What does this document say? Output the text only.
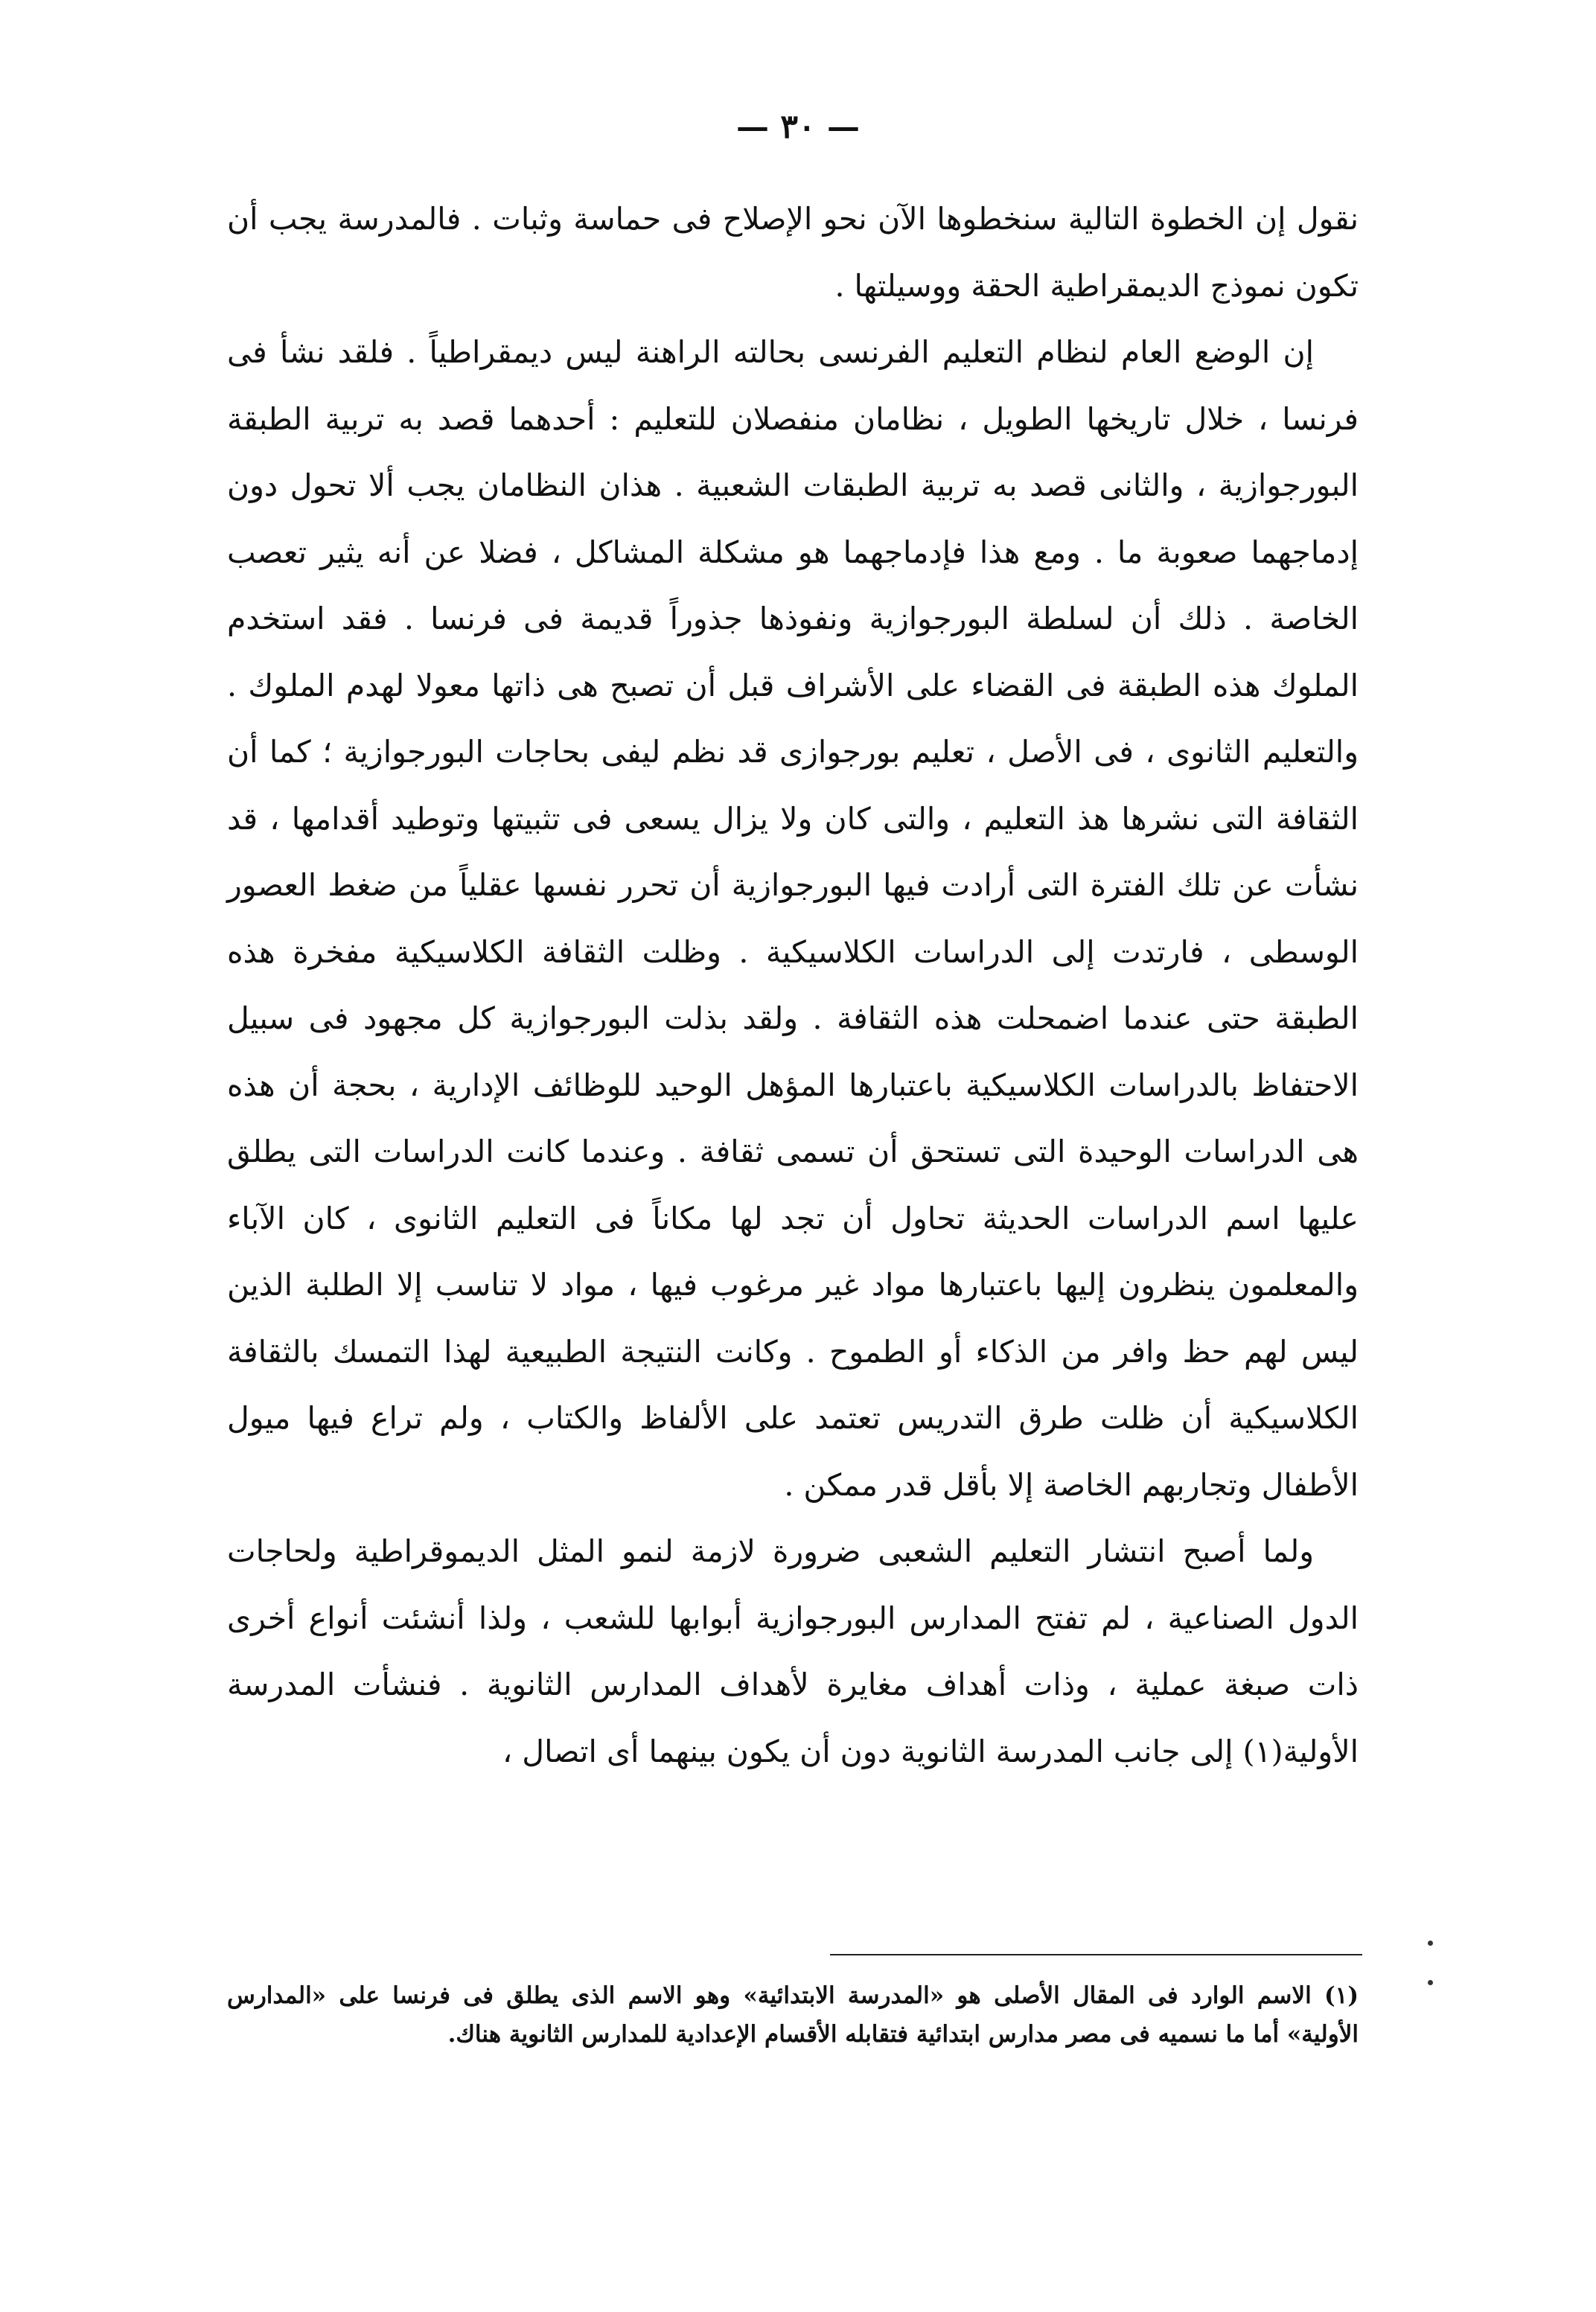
— ٣٠ —

نقول إن الخطوة التالية سنخطوها الآن نحو الإصلاح فى حماسة وثبات . فالمدرسة يجب أن تكون نموذج الديمقراطية الحقة ووسيلتها .

إن الوضع العام لنظام التعليم الفرنسى بحالته الراهنة ليس ديمقراطياً . فلقد نشأ فى فرنسا ، خلال تاريخها الطويل ، نظامان منفصلان للتعليم : أحدهما قصد به تربية الطبقة البورجوازية ، والثانى قصد به تربية الطبقات الشعبية . هذان النظامان يجب ألا تحول دون إدماجهما صعوبة ما . ومع هذا فإدماجهما هو مشكلة المشاكل ، فضلا عن أنه يثير تعصب الخاصة . ذلك أن لسلطة البورجوازية ونفوذها جذوراً قديمة فى فرنسا . فقد استخدم الملوك هذه الطبقة فى القضاء على الأشراف قبل أن تصبح هى ذاتها معولا لهدم الملوك . والتعليم الثانوى ، فى الأصل ، تعليم بورجوازى قد نظم ليفى بحاجات البورجوازية ؛ كما أن الثقافة التى نشرها هذ التعليم ، والتى كان ولا يزال يسعى فى تثبيتها وتوطيد أقدامها ، قد نشأت عن تلك الفترة التى أرادت فيها البورجوازية أن تحرر نفسها عقلياً من ضغط العصور الوسطى ، فارتدت إلى الدراسات الكلاسيكية . وظلت الثقافة الكلاسيكية مفخرة هذه الطبقة حتى عندما اضمحلت هذه الثقافة . ولقد بذلت البورجوازية كل مجهود فى سبيل الاحتفاظ بالدراسات الكلاسيكية باعتبارها المؤهل الوحيد للوظائف الإدارية ، بحجة أن هذه هى الدراسات الوحيدة التى تستحق أن تسمى ثقافة . وعندما كانت الدراسات التى يطلق عليها اسم الدراسات الحديثة تحاول أن تجد لها مكاناً فى التعليم الثانوى ، كان الآباء والمعلمون ينظرون إليها باعتبارها مواد غير مرغوب فيها ، مواد لا تناسب إلا الطلبة الذين ليس لهم حظ وافر من الذكاء أو الطموح . وكانت النتيجة الطبيعية لهذا التمسك بالثقافة الكلاسيكية أن ظلت طرق التدريس تعتمد على الألفاظ والكتاب ، ولم تراع فيها ميول الأطفال وتجاربهم الخاصة إلا بأقل قدر ممكن .

ولما أصبح انتشار التعليم الشعبى ضرورة لازمة لنمو المثل الديموقراطية ولحاجات الدول الصناعية ، لم تفتح المدارس البورجوازية أبوابها للشعب ، ولذا أنشئت أنواع أخرى ذات صبغة عملية ، وذات أهداف مغايرة لأهداف المدارس الثانوية . فنشأت المدرسة الأولية(١) إلى جانب المدرسة الثانوية دون أن يكون بينهما أى اتصال ،

(١) الاسم الوارد فى المقال الأصلى هو «المدرسة الابتدائية» وهو الاسم الذى يطلق فى فرنسا على «المدارس الأولية» أما ما نسميه فى مصر مدارس ابتدائية فتقابله الأقسام الإعدادية للمدارس الثانوية هناك.
